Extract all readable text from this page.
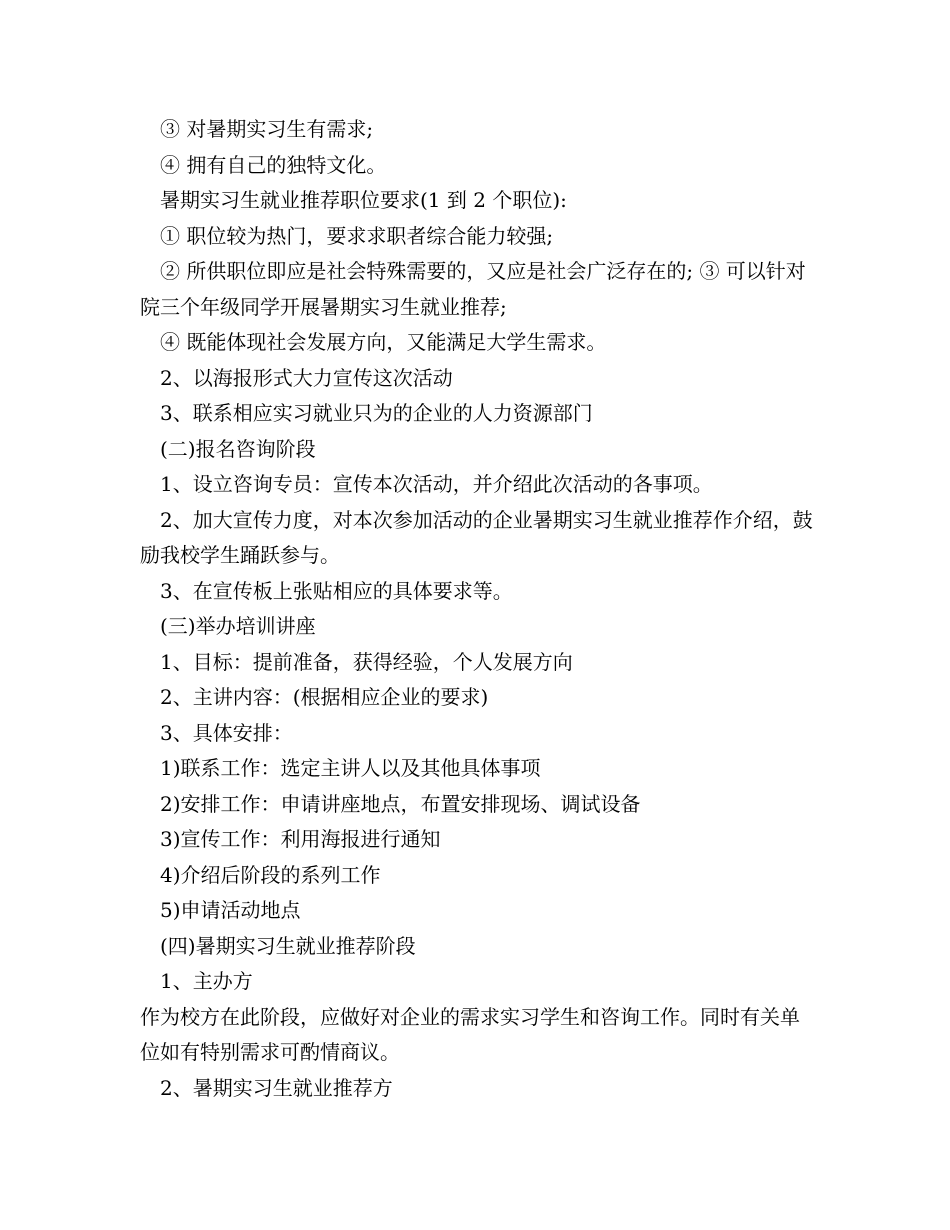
③ 对暑期实习生有需求;

④ 拥有自己的独特文化。

暑期实习生就业推荐职位要求(1 到 2 个职位):

① 职位较为热门，要求求职者综合能力较强;

② 所供职位即应是社会特殊需要的，又应是社会广泛存在的; ③ 可以针对院三个年级同学开展暑期实习生就业推荐;

④ 既能体现社会发展方向，又能满足大学生需求。

2、以海报形式大力宣传这次活动

3、联系相应实习就业只为的企业的人力资源部门

(二)报名咨询阶段

1、设立咨询专员：宣传本次活动，并介绍此次活动的各事项。

2、加大宣传力度，对本次参加活动的企业暑期实习生就业推荐作介绍，鼓励我校学生踊跃参与。

3、在宣传板上张贴相应的具体要求等。

(三)举办培训讲座

1、目标：提前准备，获得经验，个人发展方向

2、主讲内容：(根据相应企业的要求)

3、具体安排：

1)联系工作：选定主讲人以及其他具体事项

2)安排工作：申请讲座地点，布置安排现场、调试设备

3)宣传工作：利用海报进行通知

4)介绍后阶段的系列工作

5)申请活动地点

(四)暑期实习生就业推荐阶段

1、主办方

作为校方在此阶段，应做好对企业的需求实习学生和咨询工作。同时有关单位如有特别需求可酌情商议。

2、暑期实习生就业推荐方
